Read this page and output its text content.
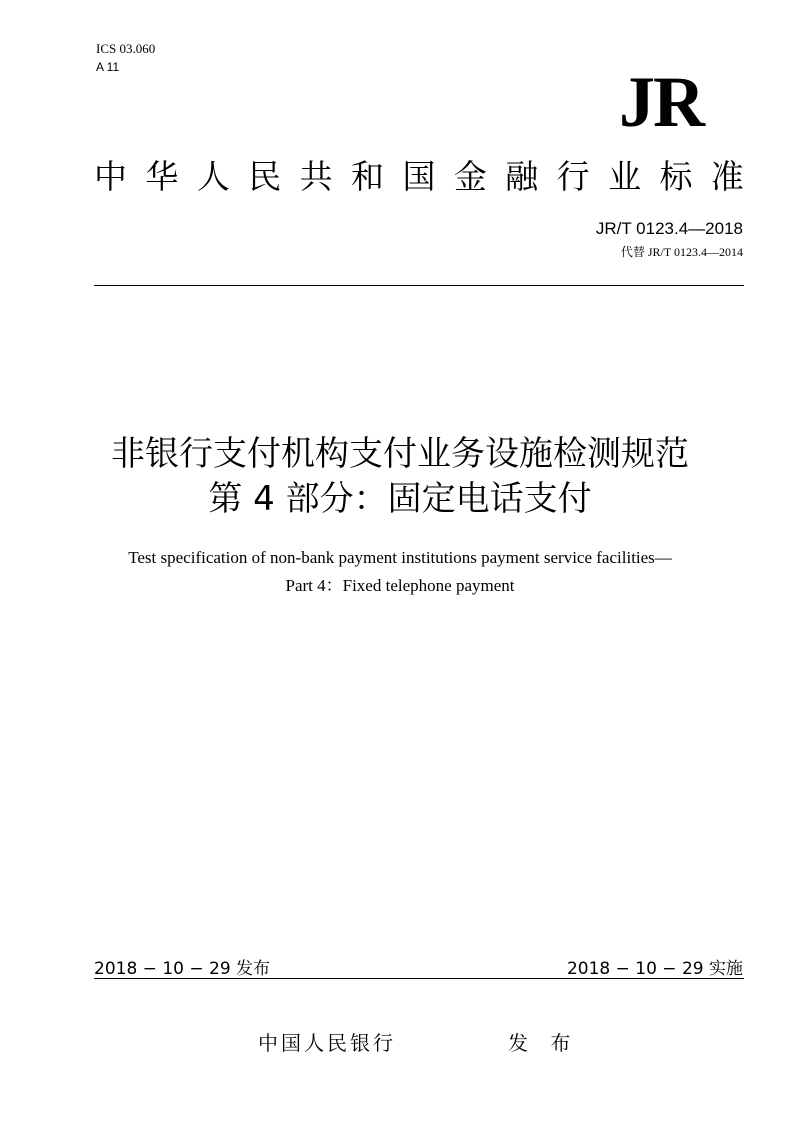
ICS 03.060
A 11	JR
中 华 人 民 共 和 国 金 融 行 业 标 准
JR/T 0123.4—2018
代替 JR/T 0123.4—2014
非银行支付机构支付业务设施检测规范
第 4 部分：固定电话支付
Test specification of non-bank payment institutions payment service facilities—
Part 4：Fixed telephone payment
2018 − 10 − 29 发布	2018 − 10 − 29 实施
中国人民银行	发 布
